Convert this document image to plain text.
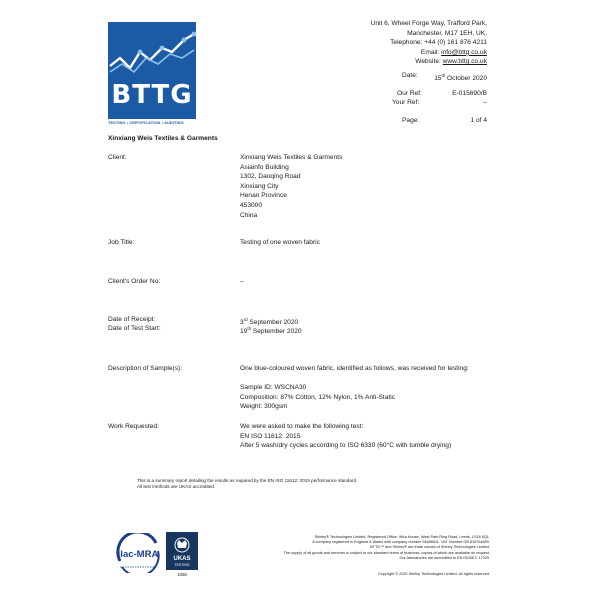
BTTG
TESTING • CERTIFICATION • AUDITING
Unit 6, Wheel Forge Way, Trafford Park,
Manchester, M17 1EH, UK.
Telephone: +44 (0) 161 876 4211
Email: info@bttg.co.uk
Website: www.bttg.co.uk
Date:	15th October 2020
Our Ref:	E-015690/B
Your Ref:	–
Page:	1 of 4
Xinxiang Weis Textiles & Garments
Client:	Xinxiang Weis Textiles & Garments
Asiainfo Building
1302, Daoqing Road
Xinxiang City
Henan Province
453000
China
Job Title:	Testing of one woven fabric
Client's Order No:	–
Date of Receipt:	3rd September 2020
Date of Test Start:	19th September 2020
Description of Sample(s):	One blue-coloured woven fabric, identified as follows, was received for testing:
Sample ID: WSCNA30
Composition: 87% Cotton, 12% Nylon, 1% Anti-Static
Weight: 300gsm
Work Requested:	We were asked to make the following test:
EN ISO 11612: 2015
After 5 wash/dry cycles according to ISO 6330 (60°C with tumble drying)
This is a summary report detailing the results as required by the EN ISO 11612: 2015 performance standard.
All test methods are UKAS accredited.
ilac-MRA	UKAS
TESTING
1066
Shirley® Technologies Limited. Registered Office: Wira House, West Park Ring Road, Leeds, LS16 6QL.
A company registered in England & Wales with company number 04686811. VAT Number GB 816764890.
BTTG™ and Shirley® are trade names of Shirley Technologies Limited.
The supply of all goods and services is subject to our standard terms of business, copies of which are available on request.
Our laboratories are accredited to EN ISO/IEC 17025.
Copyright © 2020 Shirley Technologies Limited. All rights reserved.
